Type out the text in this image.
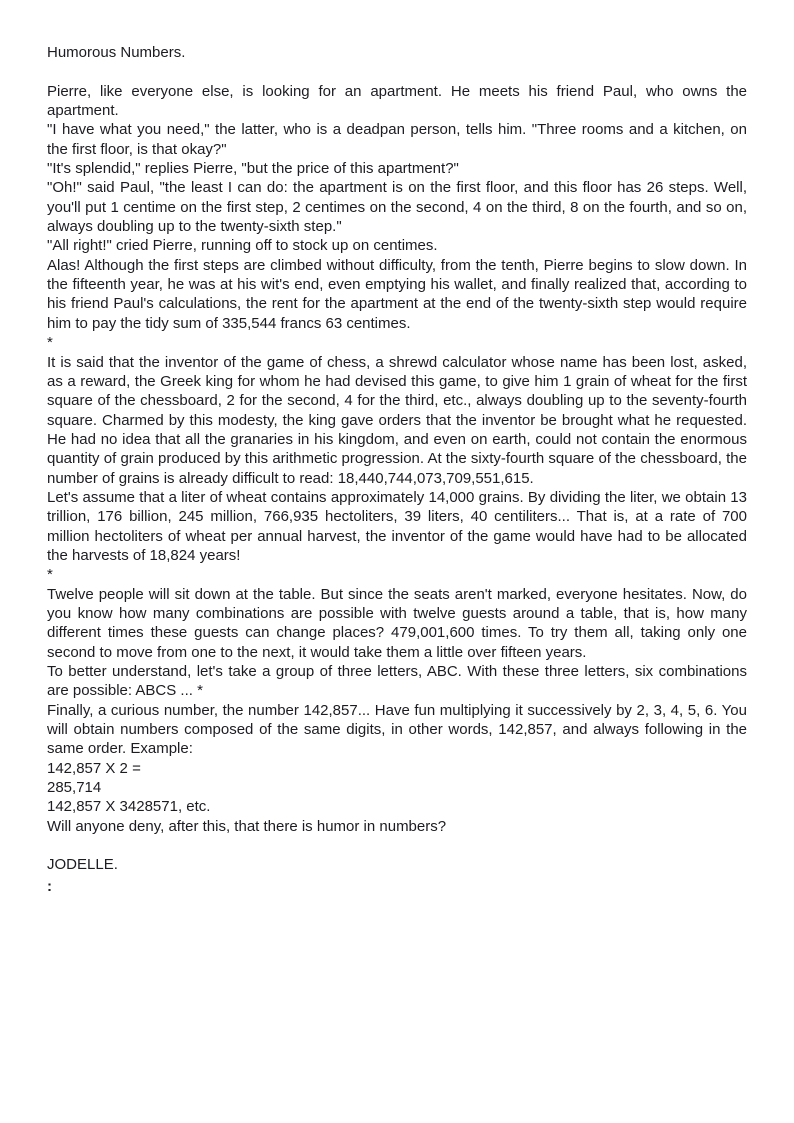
Humorous Numbers.

Pierre, like everyone else, is looking for an apartment. He meets his friend Paul, who owns the apartment.

"I have what you need," the latter, who is a deadpan person, tells him. "Three rooms and a kitchen, on the first floor, is that okay?"

"It's splendid," replies Pierre, "but the price of this apartment?"

"Oh!" said Paul, "the least I can do: the apartment is on the first floor, and this floor has 26 steps. Well, you'll put 1 centime on the first step, 2 centimes on the second, 4 on the third, 8 on the fourth, and so on, always doubling up to the twenty-sixth step."

"All right!" cried Pierre, running off to stock up on centimes.

Alas! Although the first steps are climbed without difficulty, from the tenth, Pierre begins to slow down. In the fifteenth year, he was at his wit's end, even emptying his wallet, and finally realized that, according to his friend Paul's calculations, the rent for the apartment at the end of the twenty-sixth step would require him to pay the tidy sum of 335,544 francs 63 centimes.

*

It is said that the inventor of the game of chess, a shrewd calculator whose name has been lost, asked, as a reward, the Greek king for whom he had devised this game, to give him 1 grain of wheat for the first square of the chessboard, 2 for the second, 4 for the third, etc., always doubling up to the seventy-fourth square. Charmed by this modesty, the king gave orders that the inventor be brought what he requested. He had no idea that all the granaries in his kingdom, and even on earth, could not contain the enormous quantity of grain produced by this arithmetic progression. At the sixty-fourth square of the chessboard, the number of grains is already difficult to read: 18,440,744,073,709,551,615.

Let's assume that a liter of wheat contains approximately 14,000 grains. By dividing the liter, we obtain 13 trillion, 176 billion, 245 million, 766,935 hectoliters, 39 liters, 40 centiliters... That is, at a rate of 700 million hectoliters of wheat per annual harvest, the inventor of the game would have had to be allocated the harvests of 18,824 years!

*

Twelve people will sit down at the table. But since the seats aren't marked, everyone hesitates. Now, do you know how many combinations are possible with twelve guests around a table, that is, how many different times these guests can change places? 479,001,600 times. To try them all, taking only one second to move from one to the next, it would take them a little over fifteen years.

To better understand, let's take a group of three letters, ABC. With these three letters, six combinations are possible: ABCS ... *

Finally, a curious number, the number 142,857... Have fun multiplying it successively by 2, 3, 4, 5, 6. You will obtain numbers composed of the same digits, in other words, 142,857, and always following in the same order. Example:

142,857 X 2 =

285,714

142,857 X 3428571, etc.

Will anyone deny, after this, that there is humor in numbers?

JODELLE.

:
